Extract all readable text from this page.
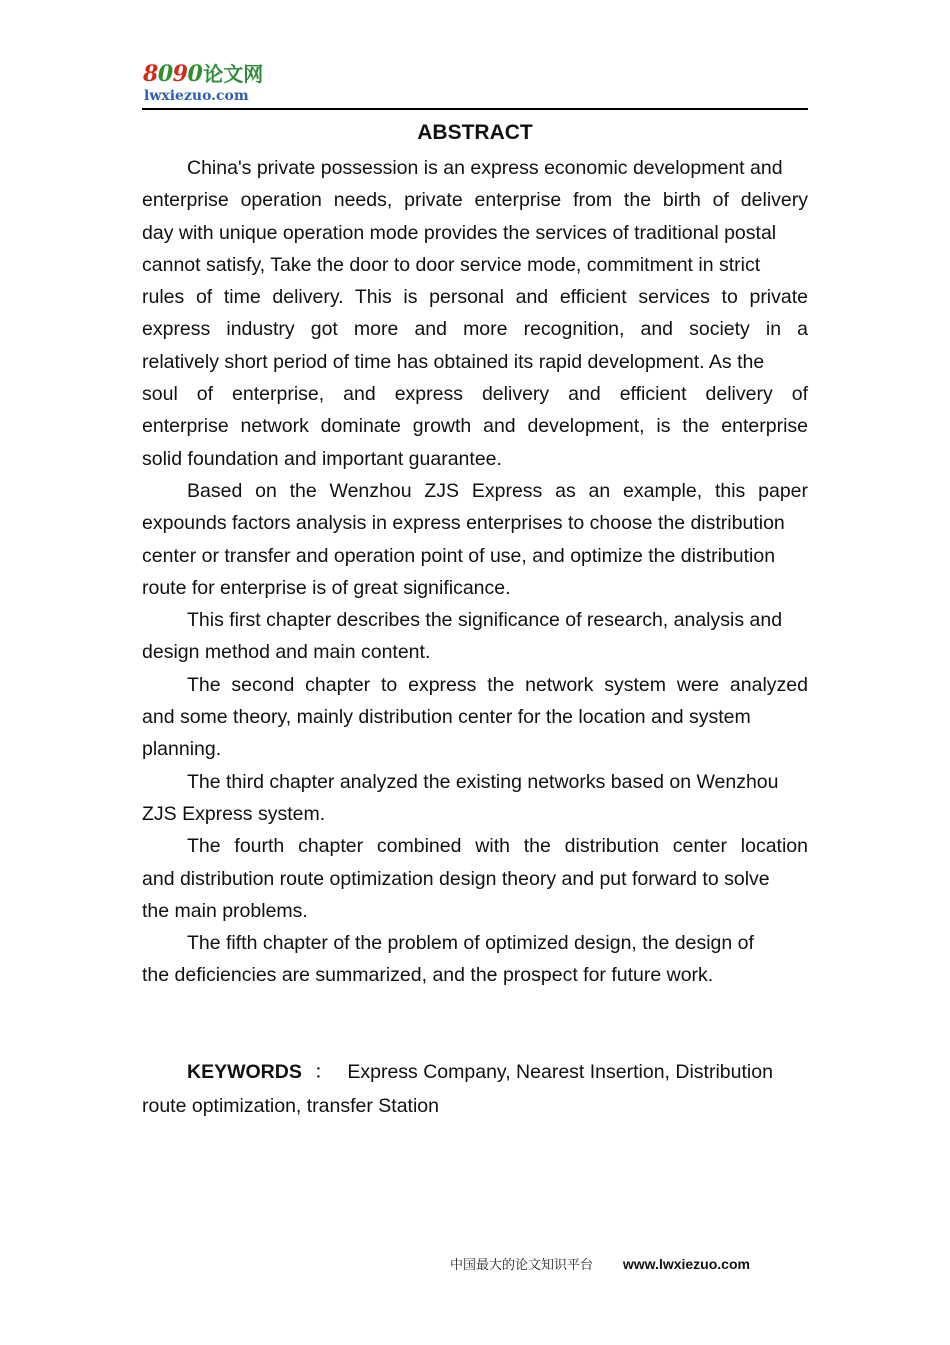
8090论文网
lwxiezuo.com
ABSTRACT
China's private possession is an express economic development and
enterprise operation needs, private enterprise from the birth of delivery
day with unique operation mode provides the services of traditional postal
cannot satisfy, Take the door to door service mode, commitment in strict
rules of time delivery. This is personal and efficient services to private
express industry got more and more recognition, and society in a
relatively short period of time has obtained its rapid development. As the
soul of enterprise, and express delivery and efficient delivery of
enterprise network dominate growth and development, is the enterprise
solid foundation and important guarantee.
Based on the Wenzhou ZJS Express as an example, this paper
expounds factors analysis in express enterprises to choose the distribution
center or transfer and operation point of use, and optimize the distribution
route for enterprise is of great significance.
This first chapter describes the significance of research, analysis and
design method and main content.
The second chapter to express the network system were analyzed
and some theory, mainly distribution center for the location and system
planning.
The third chapter analyzed the existing networks based on Wenzhou
ZJS Express system.
The fourth chapter combined with the distribution center location
and distribution route optimization design theory and put forward to solve
the main problems.
The fifth chapter of the problem of optimized design, the design of
the deficiencies are summarized, and the prospect for future work.
KEYWORDS ： Express Company, Nearest Insertion, Distribution
route optimization, transfer Station
中国最大的论文知识平台 www.lwxiezuo.com
